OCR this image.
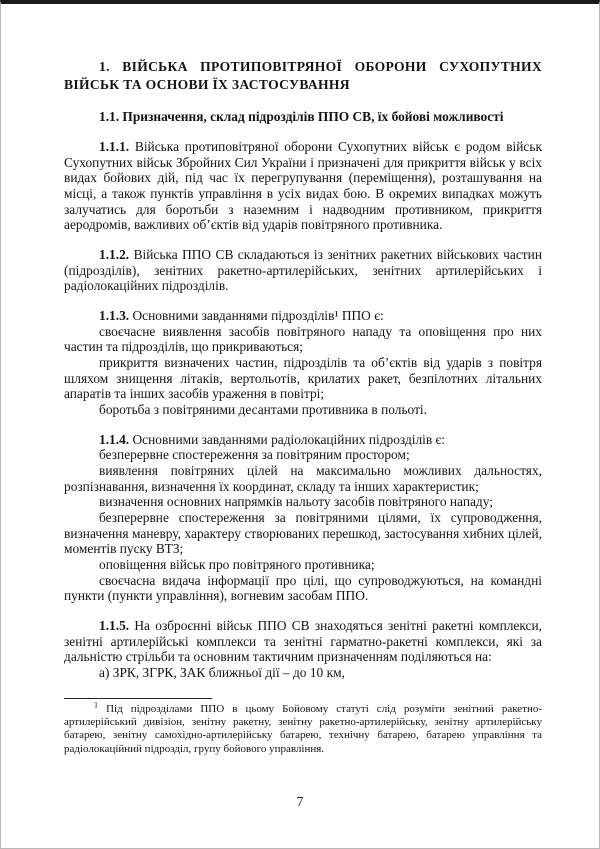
1. ВІЙСЬКА ПРОТИПОВІТРЯНОЇ ОБОРОНИ СУХОПУТНИХ ВІЙСЬК ТА ОСНОВИ ЇХ ЗАСТОСУВАННЯ

1.1. Призначення, склад підрозділів ППО СВ, їх бойові можливості

1.1.1. Війська протиповітряної оборони Сухопутних військ є родом військ Сухопутних військ Збройних Сил України і призначені для прикриття військ у всіх видах бойових дій, під час їх перегрупування (переміщення), розташування на місці, а також пунктів управління в усіх видах бою. В окремих випадках можуть залучатись для боротьби з наземним і надводним противником, прикриття аеродромів, важливих об’єктів від ударів повітряного противника.

1.1.2. Війська ППО СВ складаються із зенітних ракетних військових частин (підрозділів), зенітних ракетно-артилерійських, зенітних артилерійських і радіолокаційних підрозділів.

1.1.3. Основними завданнями підрозділів¹ ППО є:

своєчасне виявлення засобів повітряного нападу та оповіщення про них частин та підрозділів, що прикриваються;

прикриття визначених частин, підрозділів та об’єктів від ударів з повітря шляхом знищення літаків, вертольотів, крилатих ракет, безпілотних літальних апаратів та інших засобів ураження в повітрі;

боротьба з повітряними десантами противника в польоті.

1.1.4. Основними завданнями радіолокаційних підрозділів є:

безперервне спостереження за повітряним простором;

виявлення повітряних цілей на максимально можливих дальностях, розпізнавання, визначення їх координат, складу та інших характеристик;

визначення основних напрямків нальоту засобів повітряного нападу;

безперервне спостереження за повітряними цілями, їх супроводження, визначення маневру, характеру створюваних перешкод, застосування хибних цілей, моментів пуску ВТЗ;

оповіщення військ про повітряного противника;

своєчасна видача інформації про цілі, що супроводжуються, на командні пункти (пункти управління), вогневим засобам ППО.

1.1.5. На озброєнні військ ППО СВ знаходяться зенітні ракетні комплекси, зенітні артилерійські комплекси та зенітні гарматно-ракетні комплекси, які за дальністю стрільби та основним тактичним призначенням поділяються на:

а) ЗРК, ЗГРК, ЗАК ближньої дії – до 10 км,

$^1$ Під підрозділами ППО в цьому Бойовому статуті слід розуміти зенітний ракетно-артилерійський дивізіон, зенітну ракетну, зенітну ракетно-артилерійську, зенітну артилерійську батарею, зенітну самохідно-артилерійську батарею, технічну батарею, батарею управління та радіолокаційний підрозділ, групу бойового управління.

7
